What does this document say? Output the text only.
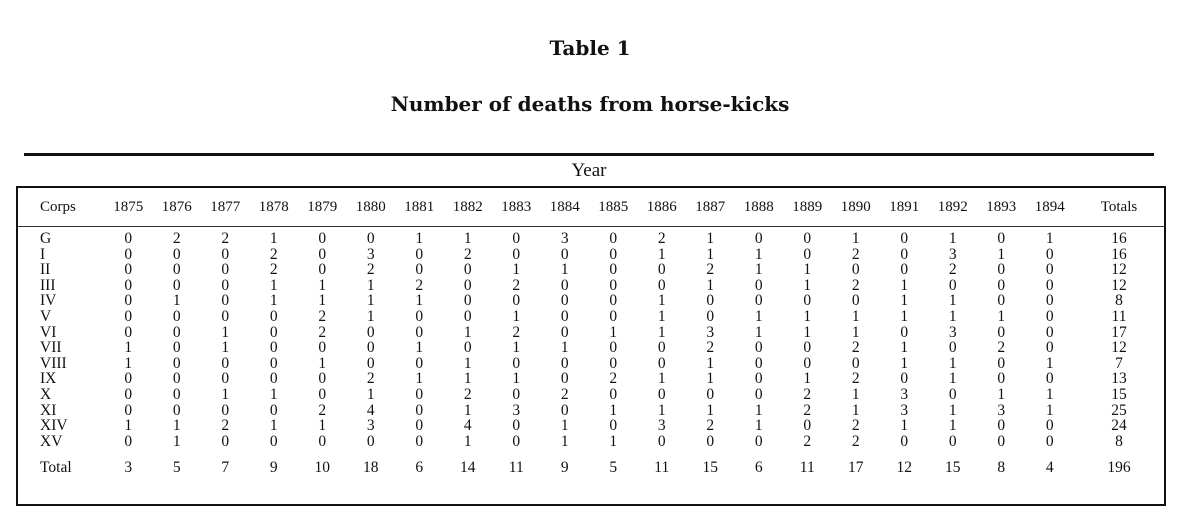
Table 1
Number of deaths from horse-kicks
Year
Corps	1875	1876	1877	1878	1879	1880	1881	1882	1883	1884	1885	1886	1887	1888	1889	1890	1891	1892	1893	1894	Totals

G	0	2	2	1	0	0	1	1	0	3	0	2	1	0	0	1	0	1	0	1	16
I	0	0	0	2	0	3	0	2	0	0	0	1	1	1	0	2	0	3	1	0	16
II	0	0	0	2	0	2	0	0	1	1	0	0	2	1	1	0	0	2	0	0	12
III	0	0	0	1	1	1	2	0	2	0	0	0	1	0	1	2	1	0	0	0	12
IV	0	1	0	1	1	1	1	0	0	0	0	1	0	0	0	0	1	1	0	0	8
V	0	0	0	0	2	1	0	0	1	0	0	1	0	1	1	1	1	1	1	0	11
VI	0	0	1	0	2	0	0	1	2	0	1	1	3	1	1	1	0	3	0	0	17
VII	1	0	1	0	0	0	1	0	1	1	0	0	2	0	0	2	1	0	2	0	12
VIII	1	0	0	0	1	0	0	1	0	0	0	0	1	0	0	0	1	1	0	1	7
IX	0	0	0	0	0	2	1	1	1	0	2	1	1	0	1	2	0	1	0	0	13
X	0	0	1	1	0	1	0	2	0	2	0	0	0	0	2	1	3	0	1	1	15
XI	0	0	0	0	2	4	0	1	3	0	1	1	1	1	2	1	3	1	3	1	25
XIV	1	1	2	1	1	3	0	4	0	1	0	3	2	1	0	2	1	1	0	0	24
XV	0	1	0	0	0	0	0	1	0	1	1	0	0	0	2	2	0	0	0	0	8
Total	3	5	7	9	10	18	6	14	11	9	5	11	15	6	11	17	12	15	8	4	196
